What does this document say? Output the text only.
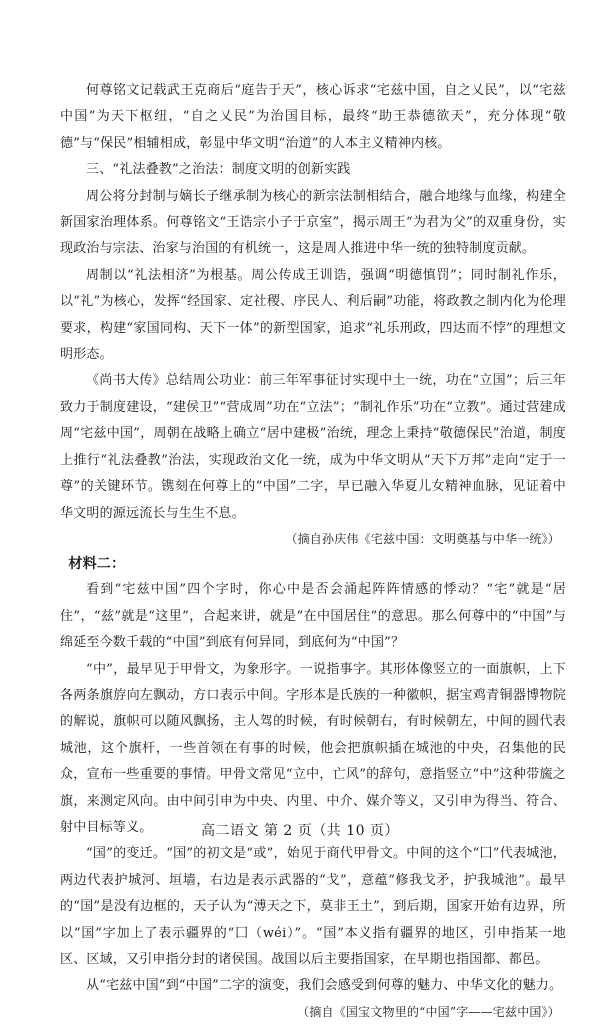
何尊铭文记载武王克商后“庭告于天”，核心诉求“宅兹中国，自之乂民”，以“宅兹中国”为天下枢纽，“自之乂民”为治国目标，最终“助王恭德欲天”，充分体现“敬德”与“保民”相辅相成，彰显中华文明“治道”的人本主义精神内核。

三、“礼法叠教”之治法：制度文明的创新实践

周公将分封制与嫡长子继承制为核心的新宗法制相结合，融合地缘与血缘，构建全新国家治理体系。何尊铭文“王诰宗小子于京室”，揭示周王“为君为父”的双重身份，实现政治与宗法、治家与治国的有机统一，这是周人推进中华一统的独特制度贡献。

周制以“礼法相济”为根基。周公传成王训诰，强调“明德慎罚”；同时制礼作乐，以“礼”为核心，发挥“经国家、定社稷、序民人、利后嗣”功能，将政教之制内化为伦理要求，构建“家国同构、天下一体”的新型国家，追求“礼乐刑政，四达而不悖”的理想文明形态。

《尚书大传》总结周公功业：前三年军事征讨实现中土一统，功在“立国”；后三年致力于制度建设，“建侯卫”“营成周”功在“立法”；“制礼作乐”功在“立教”。通过营建成周“宅兹中国”，周朝在战略上确立“居中建极”治统，理念上秉持“敬德保民”治道，制度上推行“礼法叠教”治法，实现政治文化一统，成为中华文明从“天下万邦”走向“定于一尊”的关键环节。镌刻在何尊上的“中国”二字，早已融入华夏儿女精神血脉，见证着中华文明的源远流长与生生不息。

（摘自孙庆伟《宅兹中国：文明奠基与中华一统》）

材料二：

看到“宅兹中国”四个字时，你心中是否会涌起阵阵情感的悸动？“宅”就是“居住”，“兹”就是“这里”，合起来讲，就是“在中国居住”的意思。那么何尊中的“中国”与绵延至今数千载的“中国”到底有何异同，到底何为“中国”？

“中”，最早见于甲骨文，为象形字。一说指事字。其形体像竖立的一面旗帜，上下各两条旗斿向左飘动，方口表示中间。字形本是氏族的一种徽帜，据宝鸡青铜器博物院的解说，旗帜可以随风飘扬，主人驾的时候，有时候朝右，有时候朝左，中间的圆代表城池，这个旗杆，一些首领在有事的时候，他会把旗帜插在城池的中央，召集他的民众，宣布一些重要的事情。甲骨文常见“立中，亡风”的辞句，意指竖立“中”这种带旒之旗，来测定风向。由中间引申为中央、内里、中介、媒介等义，又引申为得当、符合、射中目标等义。

“国”的变迁。“国”的初文是“或”，始见于商代甲骨文。中间的这个“囗”代表城池，两边代表护城河、垣墙，右边是表示武器的“戈”，意蕴“修我戈矛，护我城池”。最早的“国”是没有边框的，天子认为“溥天之下，莫非王土”，到后期，国家开始有边界，所以“国”字加上了表示疆界的“囗（wéi）”。“国”本义指有疆界的地区，引申指某一地区、区域，又引申指分封的诸侯国。战国以后主要指国家，在早期也指国都、都邑。

从“宅兹中国”到“中国”二字的演变，我们会感受到何尊的魅力、中华文化的魅力。

（摘自《国宝文物里的“中国”字——宅兹中国》）

高二语文 第 2 页（共 10 页）
